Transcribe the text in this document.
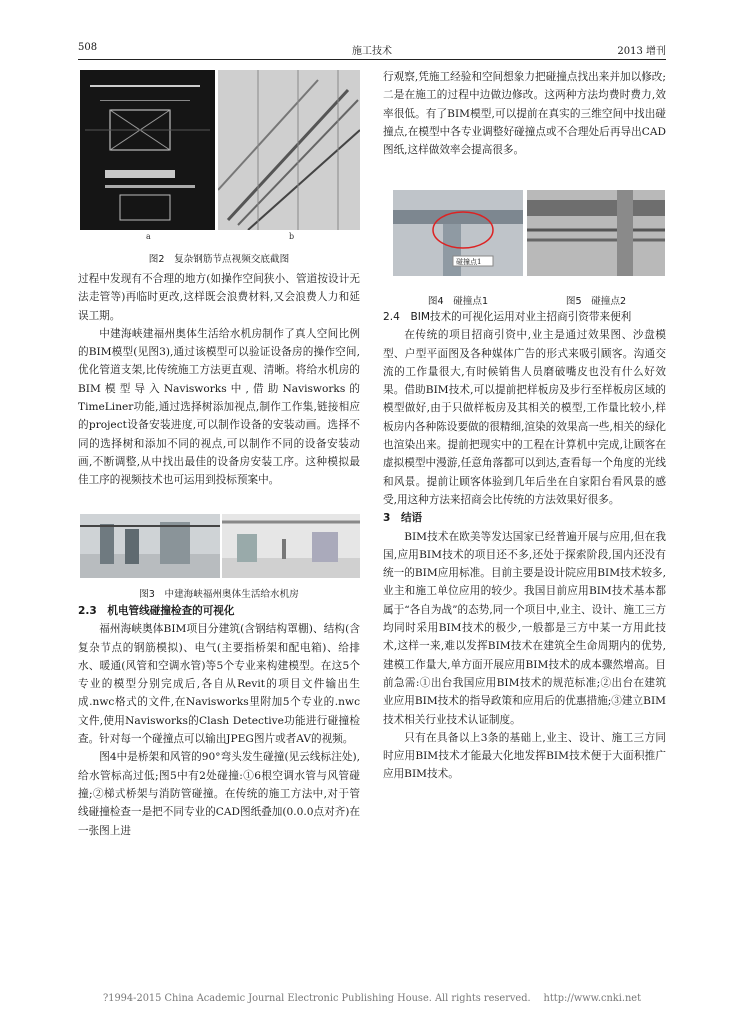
508	施工技术	2013 增刊
a	b
图2　复杂钢筋节点视频交底截图

过程中发现有不合理的地方(如操作空间狭小、管道按设计无法走管等)再临时更改,这样既会浪费材料,又会浪费人力和延误工期。

中建海峡建福州奥体生活给水机房制作了真人空间比例的BIM模型(见图3),通过该模型可以验证设备房的操作空间,优化管道支架,比传统施工方法更直观、清晰。将给水机房的BIM模型导入Navisworks中,借助Navisworks的TimeLiner功能,通过选择树添加视点,制作工作集,链接相应的project设备安装进度,可以制作设备的安装动画。选择不同的选择树和添加不同的视点,可以制作不同的设备安装动画,不断调整,从中找出最佳的设备房安装工序。这种模拟最佳工序的视频技术也可运用到投标预案中。

图3　中建海峡福州奥体生活给水机房
2.3　机电管线碰撞检查的可视化

福州海峡奥体BIM项目分建筑(含钢结构罩棚)、结构(含复杂节点的钢筋模拟)、电气(主要指桥架和配电箱)、给排水、暖通(风管和空调水管)等5个专业来构建模型。在这5个专业的模型分别完成后,各自从Revit的项目文件输出生成.nwc格式的文件,在Navisworks里附加5个专业的.nwc文件,使用Navisworks的Clash Detective功能进行碰撞检查。针对每一个碰撞点可以输出JPEG图片或者AV的视频。

图4中是桥架和风管的90°弯头发生碰撞(见云线标注处),给水管标高过低;图5中有2处碰撞:①6根空调水管与风管碰撞;②梯式桥架与消防管碰撞。在传统的施工方法中,对于管线碰撞检查一是把不同专业的CAD图纸叠加(0.0.0点对齐)在一张图上进

行观察,凭施工经验和空间想象力把碰撞点找出来并加以修改;二是在施工的过程中边做边修改。这两种方法均费时费力,效率很低。有了BIM模型,可以提前在真实的三维空间中找出碰撞点,在模型中各专业调整好碰撞点或不合理处后再导出CAD图纸,这样做效率会提高很多。

碰撞点1
图4　碰撞点1	图5　碰撞点2
2.4　BIM技术的可视化运用对业主招商引资带来便利

在传统的项目招商引资中,业主是通过效果图、沙盘模型、户型平面图及各种媒体广告的形式来吸引顾客。沟通交流的工作量很大,有时候销售人员磨破嘴皮也没有什么好效果。借助BIM技术,可以提前把样板房及步行至样板房区域的模型做好,由于只做样板房及其相关的模型,工作量比较小,样板房内各种陈设要做的很精细,渲染的效果高一些,相关的绿化也渲染出来。提前把现实中的工程在计算机中完成,让顾客在虚拟模型中漫游,任意角落都可以到达,查看每一个角度的光线和风景。提前让顾客体验到几年后坐在自家阳台看风景的感受,用这种方法来招商会比传统的方法效果好很多。

3　结语

BIM技术在欧美等发达国家已经普遍开展与应用,但在我国,应用BIM技术的项目还不多,还处于探索阶段,国内还没有统一的BIM应用标准。目前主要是设计院应用BIM技术较多,业主和施工单位应用的较少。我国目前应用BIM技术基本都属于“各自为战”的态势,同一个项目中,业主、设计、施工三方均同时采用BIM技术的极少,一般都是三方中某一方用此技术,这样一来,难以发挥BIM技术在建筑全生命周期内的优势,建模工作量大,单方面开展应用BIM技术的成本骤然增高。目前急需:①出台我国应用BIM技术的规范标准;②出台在建筑业应用BIM技术的指导政策和应用后的优惠措施;③建立BIM技术相关行业技术认证制度。

只有在具备以上3条的基础上,业主、设计、施工三方同时应用BIM技术才能最大化地发挥BIM技术便于大面积推广应用BIM技术。

?1994-2015 China Academic Journal Electronic Publishing House. All rights reserved.　 http://www.cnki.net
